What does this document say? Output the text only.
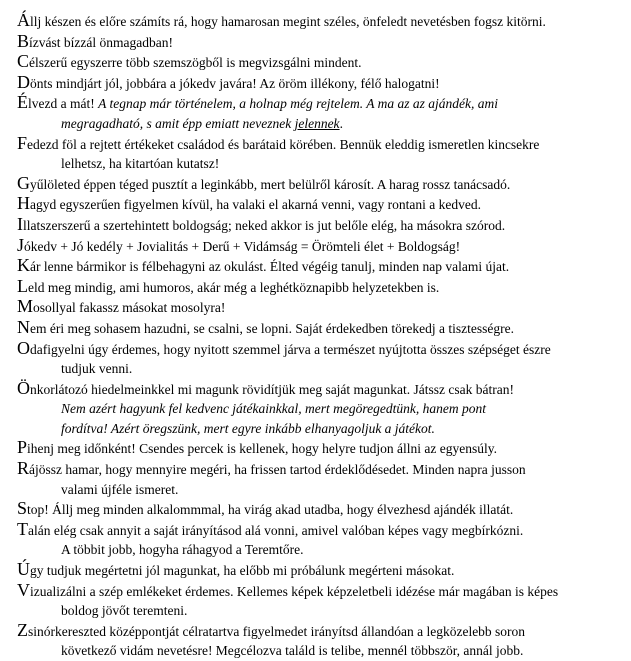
Állj készen és előre számíts rá, hogy hamarosan megint széles, önfeledt nevetésben fogsz kitörni.
Bízvást bízzál önmagadban!
Célszerű egyszerre több szemszögből is megvizsgálni mindent.
Dönts mindjárt jól, jobbára a jókedv javára! Az öröm illékony, félő halogatni!
Élvezd a mát! A tegnap már történelem, a holnap még rejtelem. A ma az az ajándék, ami
megragadható, s amit épp emiatt neveznek jelennek.
Fedezd föl a rejtett értékeket családod és barátaid körében. Bennük eleddig ismeretlen kincsekre
lelhetsz, ha kitartóan kutatsz!
Gyűlöleted éppen téged pusztít a leginkább, mert belülről károsít. A harag rossz tanácsadó.
Hagyd egyszerűen figyelmen kívül, ha valaki el akarná venni, vagy rontani a kedved.
Illatszerszerű a szertehintett boldogság; neked akkor is jut belőle elég, ha másokra szórod.
Jókedv + Jó kedély + Jovialitás + Derű + Vidámság = Örömteli élet + Boldogság!
Kár lenne bármikor is félbehagyni az okulást. Élted végéig tanulj, minden nap valami újat.
Leld meg mindig, ami humoros, akár még a leghétköznapibb helyzetekben is.
Mosollyal fakassz másokat mosolyra!
Nem éri meg sohasem hazudni, se csalni, se lopni. Saját érdekedben törekedj a tisztességre.
Odafigyelni úgy érdemes, hogy nyitott szemmel járva a természet nyújtotta összes szépséget észre
tudjuk venni.
Önkorlátozó hiedelmeinkkel mi magunk rövidítjük meg saját magunkat. Játssz csak bátran!
Nem azért hagyunk fel kedvenc játékainkkal, mert megöregedtünk, hanem pont
fordítva! Azért öregszünk, mert egyre inkább elhanyagoljuk a játékot.
Pihenj meg időnként! Csendes percek is kellenek, hogy helyre tudjon állni az egyensúly.
Rájössz hamar, hogy mennyire megéri, ha frissen tartod érdeklődésedet. Minden napra jusson
valami újféle ismeret.
Stop! Állj meg minden alkalommmal, ha virág akad utadba, hogy élvezhesd ajándék illatát.
Talán elég csak annyit a saját irányításod alá vonni, amivel valóban képes vagy megbírkózni.
A többit jobb, hogyha ráhagyod a Teremtőre.
Úgy tudjuk megértetni jól magunkat, ha előbb mi próbálunk megérteni másokat.
Vizualizálni a szép emlékeket érdemes. Kellemes képek képzeletbeli idézése már magában is képes
boldog jövőt teremteni.
Zsinórkereszted középpontját célratartva figyelmedet irányítsd állandóan a legközelebb soron
következő vidám nevetésre! Megcélozva találd is telibe, mennél többször, annál jobb.
